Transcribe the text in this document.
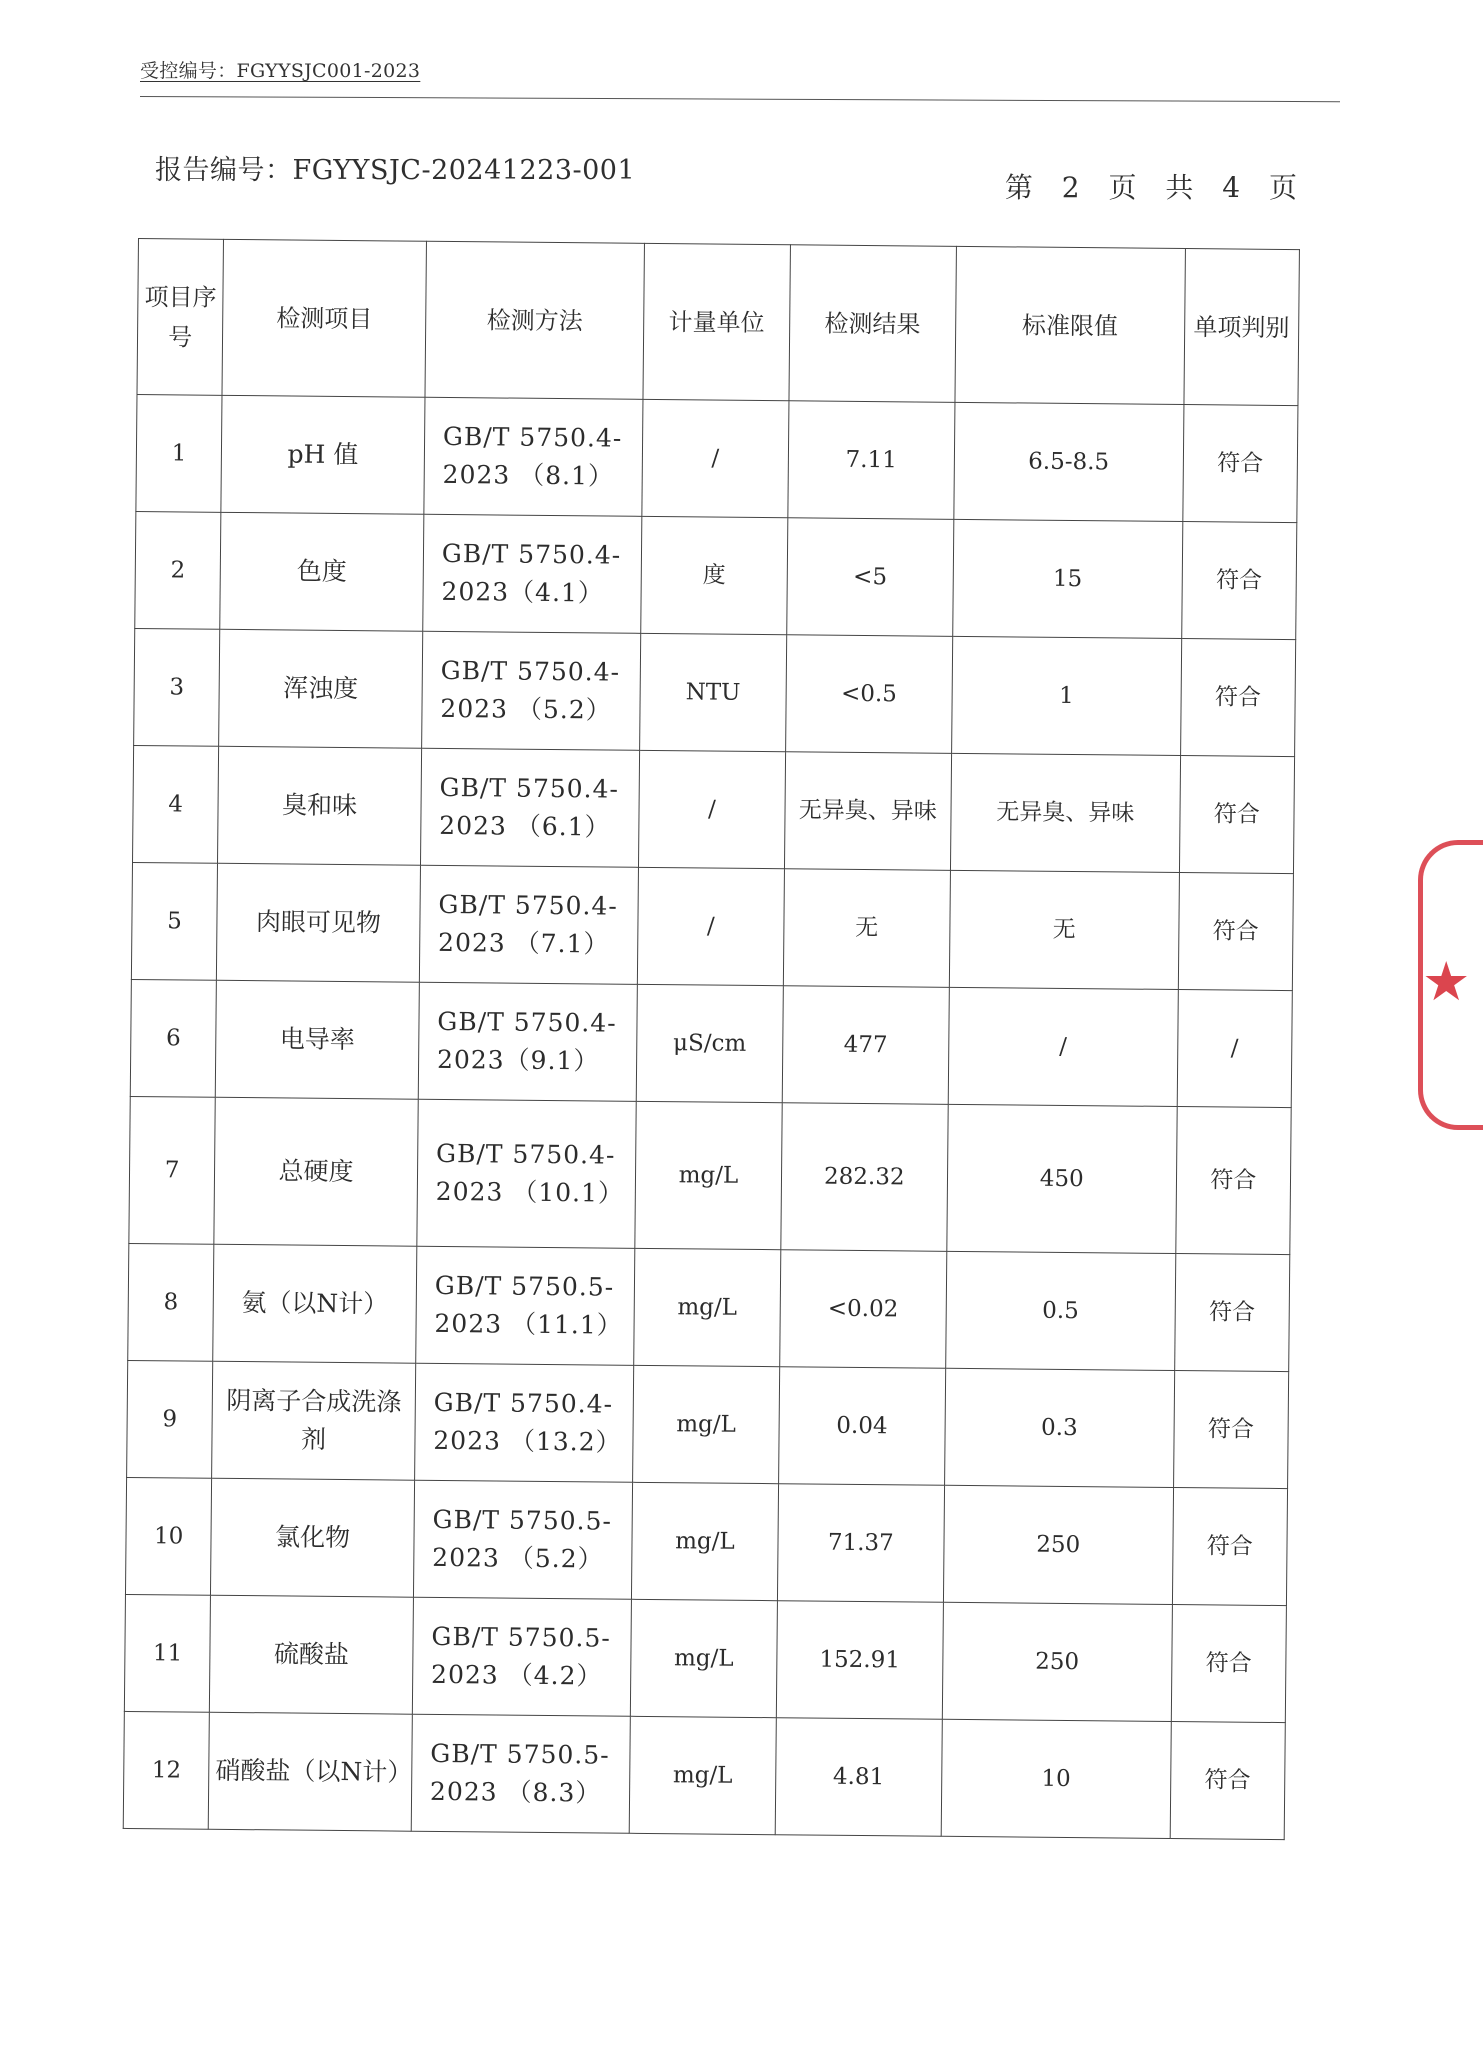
受控编号：FGYYSJC001-2023
报告编号：FGYYSJC-20241223-001
第 2 页 共 4 页
项目序号	检测项目	检测方法	计量单位	检测结果	标准限值	单项判别
1	pH 值	GB/T 5750.4-2023 （8.1）	/	7.11	6.5-8.5	符合
2	色度	GB/T 5750.4-2023（4.1）	度	<5	15	符合
3	浑浊度	GB/T 5750.4-2023 （5.2）	NTU	<0.5	1	符合
4	臭和味	GB/T 5750.4-2023 （6.1）	/	无异臭、异味	无异臭、异味	符合
5	肉眼可见物	GB/T 5750.4-2023 （7.1）	/	无	无	符合
6	电导率	GB/T 5750.4-2023（9.1）	μS/cm	477	/	/
7	总硬度	GB/T 5750.4-2023 （10.1）	mg/L	282.32	450	符合
8	氨（以N计）	GB/T 5750.5-2023 （11.1）	mg/L	<0.02	0.5	符合
9	阴离子合成洗涤剂	GB/T 5750.4-2023 （13.2）	mg/L	0.04	0.3	符合
10	氯化物	GB/T 5750.5-2023 （5.2）	mg/L	71.37	250	符合
11	硫酸盐	GB/T 5750.5-2023 （4.2）	mg/L	152.91	250	符合
12	硝酸盐（以N计）	GB/T 5750.5-2023 （8.3）	mg/L	4.81	10	符合
★
